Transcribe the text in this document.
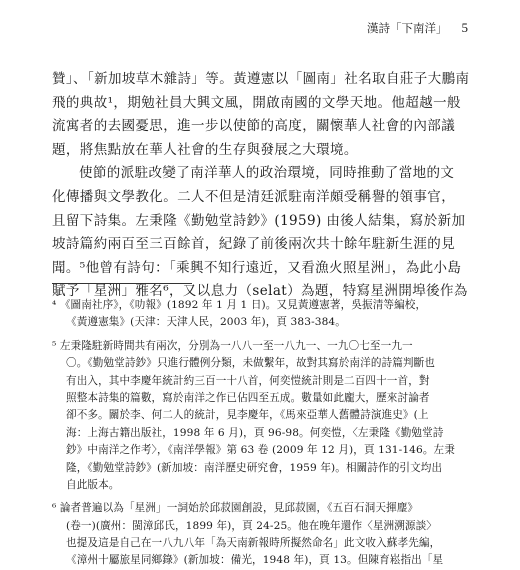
漢詩「下南洋」 5
贊」、「新加坡草木雜詩」等。黃遵憲以「圖南」社名取自莊子大鵬南
飛的典故¹，期勉社員大興文風，開啟南國的文學天地。他超越一般
流寓者的去國憂思，進一步以使節的高度，關懷華人社會的內部議
題，將焦點放在華人社會的生存與發展之大環境。
使節的派駐改變了南洋華人的政治環境，同時推動了當地的文
化傳播與文學教化。二人不但是清廷派駐南洋頗受稱譽的領事官，
且留下詩集。左秉隆《勤勉堂詩鈔》(1959) 由後人結集，寫於新加
坡詩篇約兩百至三百餘首，紀錄了前後兩次共十餘年駐新生涯的見
聞。⁵他曾有詩句：「乘興不知行遠近，又看漁火照星洲」，為此小島
賦予「星洲」雅名⁶，又以息力（selat）為題，特寫星洲開埠後作為
⁴ 《圖南社序》，《叻報》(1892 年 1 月 1 日)。又見黃遵憲著，吳振清等編校，
《黃遵憲集》(天津：天津人民，2003 年)，頁 383-384。
⁵ 左秉隆駐新時間共有兩次，分別為一八八一至一八九一、一九〇七至一九一
〇。《勤勉堂詩鈔》只進行體例分類，未做繫年，故對其寫於南洋的詩篇判斷也
有出入，其中李慶年統計約三百一十八首，何奕愷統計則是二百四十一首，對
照整本詩集的篇數，寫於南洋之作已佔四至五成。數量如此龐大，歷來討論者
卻不多。關於李、何二人的統計，見李慶年，《馬來亞華人舊體詩演進史》(上
海：上海古籍出版社，1998 年 6 月)，頁 96-98。何奕愷，〈左秉隆《勤勉堂詩
鈔》中南洋之作考〉，《南洋學報》第 63 卷 (2009 年 12 月)，頁 131-146。左秉
隆，《勤勉堂詩鈔》(新加坡：南洋歷史研究會，1959 年)。相關詩作的引文均出
自此版本。
⁶ 論者普遍以為「星洲」一詞始於邱菽園創設，見邱菽園，《五百石洞天揮麈》
(卷一)(廣州：閩漳邱氏，1899 年)，頁 24-25。他在晚年還作〈星洲溯源談〉
也提及這是自己在一八九八年「為天南新報時所擬然命名」此文收入蘇孝先編，
《漳州十屬旅星同鄉錄》(新加坡：備光，1948 年)，頁 13。但陳育崧指出「星
